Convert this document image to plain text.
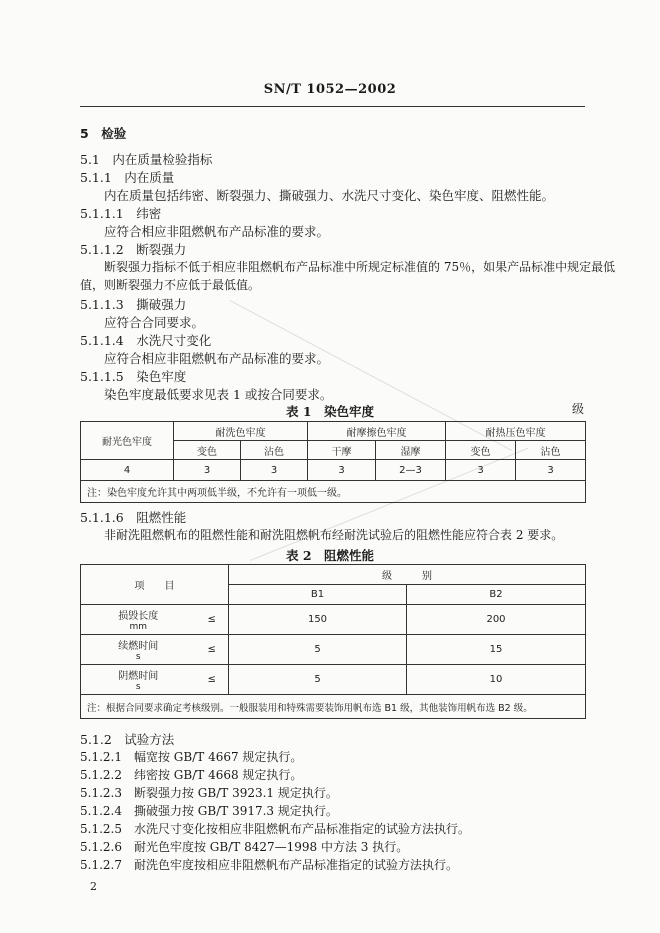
SN/T 1052—2002
5　检验
5.1　内在质量检验指标
5.1.1　内在质量
内在质量包括纬密、断裂强力、撕破强力、水洗尺寸变化、染色牢度、阻燃性能。
5.1.1.1　纬密
应符合相应非阻燃帆布产品标准的要求。
5.1.1.2　断裂强力
断裂强力指标不低于相应非阻燃帆布产品标准中所规定标准值的 75％，如果产品标准中规定最低
值，则断裂强力不应低于最低值。
5.1.1.3　撕破强力
应符合合同要求。
5.1.1.4　水洗尺寸变化
应符合相应非阻燃帆布产品标准的要求。
5.1.1.5　染色牢度
染色牢度最低要求见表 1 或按合同要求。
表 1　染色牢度	级
耐光色牢度	耐洗色牢度		耐摩擦色牢度		耐热压色牢度	
	变色	沾色	干摩	湿摩	变色	沾色
4	3	3	3	2—3	3	3
注：染色牢度允许其中两项低半级，不允许有一项低一级。						
5.1.1.6　阻燃性能
非耐洗阻燃帆布的阻燃性能和耐洗阻燃帆布经耐洗试验后的阻燃性能应符合表 2 要求。
表 2　阻燃性能
项　　目		级　　　别	
		B1	B2

损毁长度
mm	≤	150	200

续燃时间
s	≤	5	15

阴燃时间
s	≤	5	10
注：根据合同要求确定考核级别。一般服装用和特殊需要装饰用帆布选 B1 级，其他装饰用帆布选 B2 级。			
5.1.2　试验方法
5.1.2.1　幅宽按 GB/T 4667 规定执行。
5.1.2.2　纬密按 GB/T 4668 规定执行。
5.1.2.3　断裂强力按 GB/T 3923.1 规定执行。
5.1.2.4　撕破强力按 GB/T 3917.3 规定执行。
5.1.2.5　水洗尺寸变化按相应非阻燃帆布产品标准指定的试验方法执行。
5.1.2.6　耐光色牢度按 GB/T 8427—1998 中方法 3 执行。
5.1.2.7　耐洗色牢度按相应非阻燃帆布产品标准指定的试验方法执行。
2
